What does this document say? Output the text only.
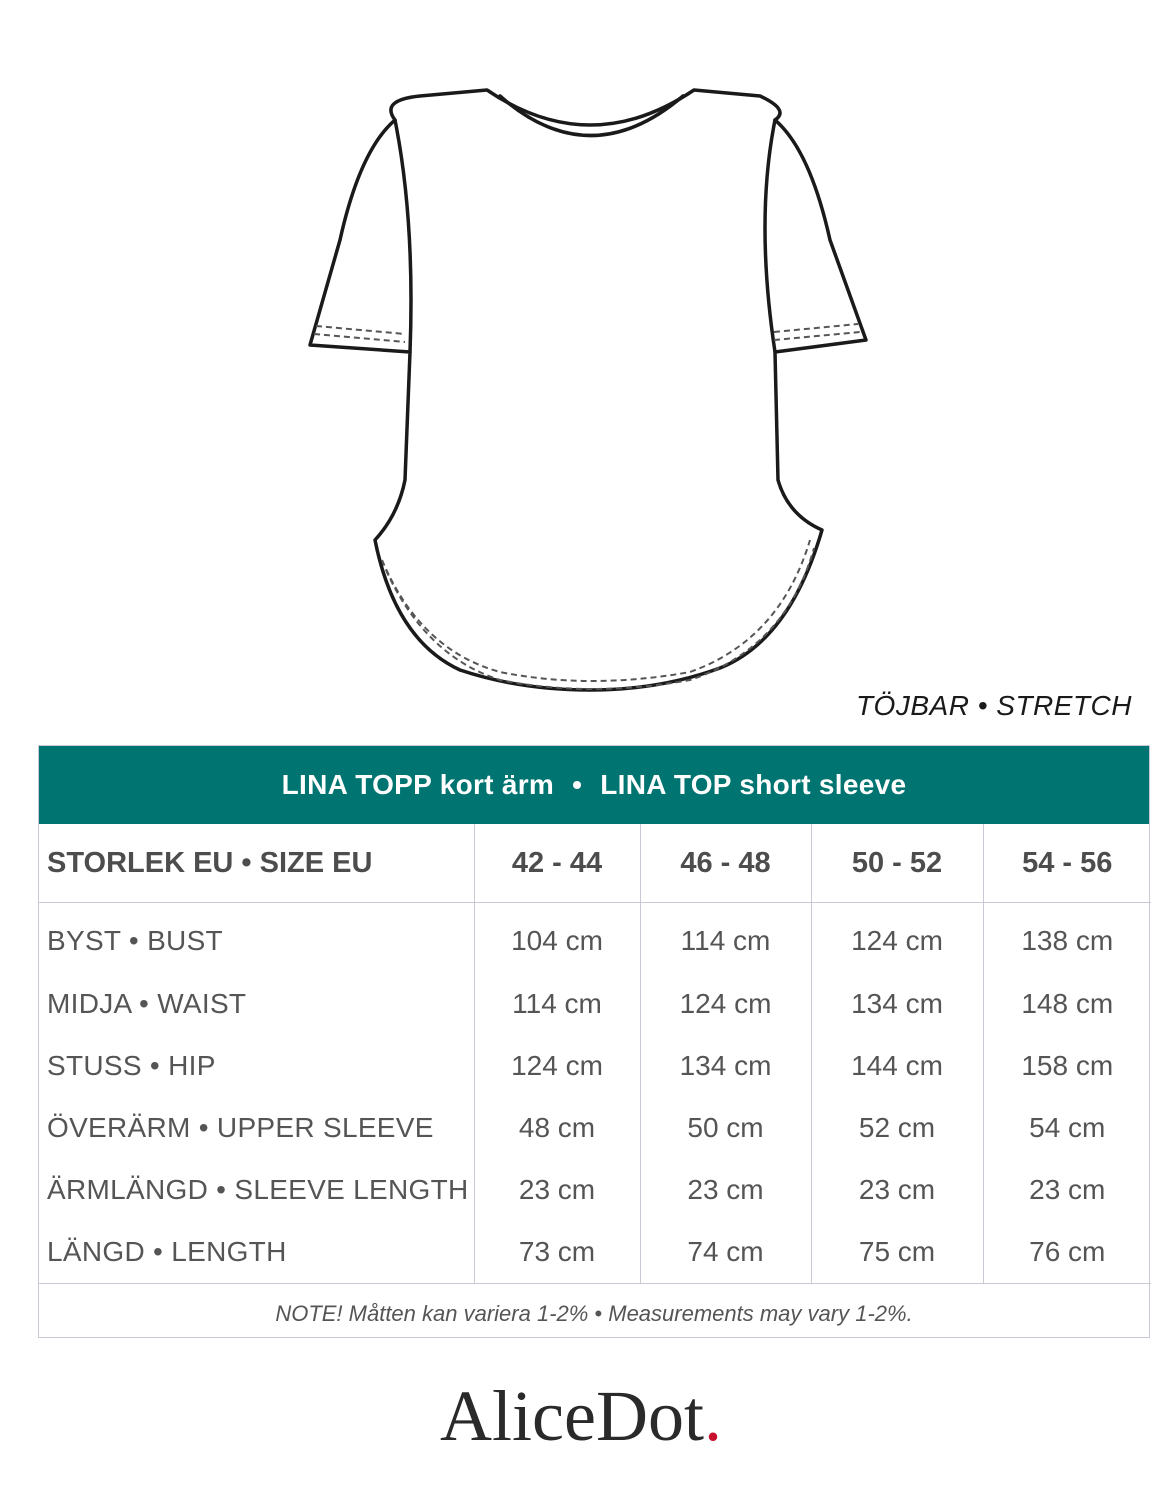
TÖJBAR • STRETCH
LINA TOPP kort ärm • LINA TOP short sleeve
STORLEK EU • SIZE EU	42 - 44	46 - 48	50 - 52	54 - 56
BYST • BUST	104 cm	114 cm	124 cm	138 cm
MIDJA • WAIST	114 cm	124 cm	134 cm	148 cm
STUSS • HIP	124 cm	134 cm	144 cm	158 cm
ÖVERÄRM • UPPER SLEEVE	48 cm	50 cm	52 cm	54 cm
ÄRMLÄNGD • SLEEVE LENGTH	23 cm	23 cm	23 cm	23 cm
LÄNGD • LENGTH	73 cm	74 cm	75 cm	76 cm
NOTE! Måtten kan variera 1-2% • Measurements may vary 1-2%.
AliceDot.
